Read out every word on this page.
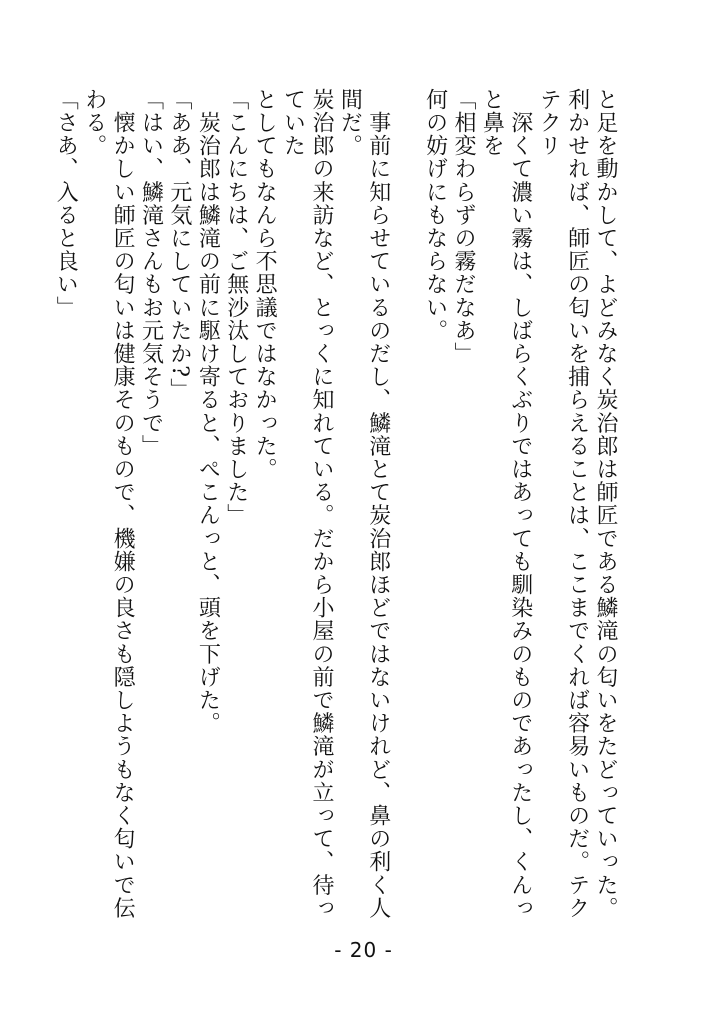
と足を動かして、よどみなく炭治郎は師匠である鱗滝の匂いをたどっていった。
利かせれば、師匠の匂いを捕らえることは、ここまでくれば容易いものだ。テクテクリ
　深くて濃い霧は、しばらくぶりではあっても馴染みのものであったし、くんっと鼻を
「相変わらずの霧だなあ」
何の妨げにもならない。
　事前に知らせているのだし、鱗滝とて炭治郎ほどではないけれど、鼻の利く人間だ。
炭治郎の来訪など、とっくに知れている。だから小屋の前で鱗滝が立って、待っていた
としてもなんら不思議ではなかった。
「こんにちは、ご無沙汰しておりました」
　炭治郎は鱗滝の前に駆け寄ると、ぺこんっと、頭を下げた。
「ああ、元気にしていたか?」
「はい、鱗滝さんもお元気そうで」
　懐かしい師匠の匂いは健康そのもので、機嫌の良さも隠しようもなく匂いで伝わる。
「さあ、入ると良い」
- 20 -
